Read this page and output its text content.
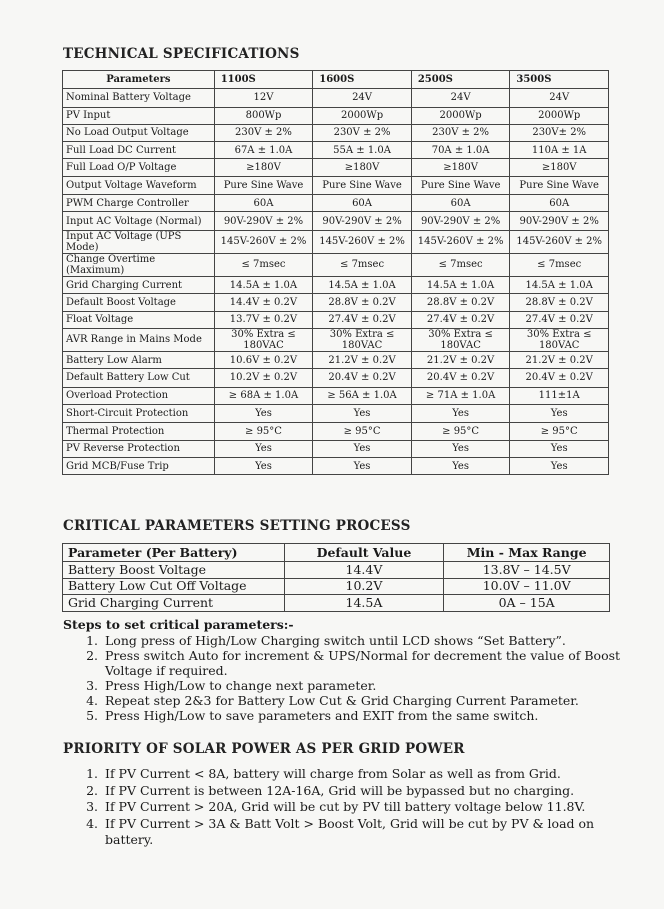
TECHNICAL SPECIFICATIONS
Parameters	1100S	1600S	2500S	3500S
Nominal Battery Voltage	12V	24V	24V	24V
PV Input	800Wp	2000Wp	2000Wp	2000Wp
No Load Output Voltage	230V ± 2%	230V ± 2%	230V ± 2%	230V± 2%
Full Load DC Current	67A ± 1.0A	55A ± 1.0A	70A ± 1.0A	110A ± 1A
Full Load O/P Voltage	≥180V	≥180V	≥180V	≥180V
Output Voltage Waveform	Pure Sine Wave	Pure Sine Wave	Pure Sine Wave	Pure Sine Wave
PWM Charge Controller	60A	60A	60A	60A
Input AC Voltage (Normal)	90V-290V ± 2%	90V-290V ± 2%	90V-290V ± 2%	90V-290V ± 2%
Input AC Voltage (UPS Mode)	145V-260V ± 2%	145V-260V ± 2%	145V-260V ± 2%	145V-260V ± 2%
Change Overtime (Maximum)	≤ 7msec	≤ 7msec	≤ 7msec	≤ 7msec
Grid Charging Current	14.5A ± 1.0A	14.5A ± 1.0A	14.5A ± 1.0A	14.5A ± 1.0A
Default Boost Voltage	14.4V ± 0.2V	28.8V ± 0.2V	28.8V ± 0.2V	28.8V ± 0.2V
Float Voltage	13.7V ± 0.2V	27.4V ± 0.2V	27.4V ± 0.2V	27.4V ± 0.2V
AVR Range in Mains Mode	30% Extra ≤ 180VAC	30% Extra ≤ 180VAC	30% Extra ≤ 180VAC	30% Extra ≤ 180VAC
Battery Low Alarm	10.6V ± 0.2V	21.2V ± 0.2V	21.2V ± 0.2V	21.2V ± 0.2V
Default Battery Low Cut	10.2V ± 0.2V	20.4V ± 0.2V	20.4V ± 0.2V	20.4V ± 0.2V
Overload Protection	≥ 68A ± 1.0A	≥ 56A ± 1.0A	≥ 71A ± 1.0A	111±1A
Short-Circuit Protection	Yes	Yes	Yes	Yes
Thermal Protection	≥ 95°C	≥ 95°C	≥ 95°C	≥ 95°C
PV Reverse Protection	Yes	Yes	Yes	Yes
Grid MCB/Fuse Trip	Yes	Yes	Yes	Yes
CRITICAL PARAMETERS SETTING PROCESS
Parameter (Per Battery)	Default Value	Min - Max Range
Battery Boost Voltage	14.4V	13.8V – 14.5V
Battery Low Cut Off Voltage	10.2V	10.0V – 11.0V
Grid Charging Current	14.5A	0A – 15A

Steps to set critical parameters:-

1. Long press of High/Low Charging switch until LCD shows “Set Battery”.
2. Press switch Auto for increment & UPS/Normal for decrement the value of Boost Voltage if required.
3. Press High/Low to change next parameter.
4. Repeat step 2&3 for Battery Low Cut & Grid Charging Current Parameter.
5. Press High/Low to save parameters and EXIT from the same switch.
PRIORITY OF SOLAR POWER AS PER GRID POWER
1. If PV Current < 8A, battery will charge from Solar as well as from Grid.
2. If PV Current is between 12A-16A, Grid will be bypassed but no charging.
3. If PV Current > 20A, Grid will be cut by PV till battery voltage below 11.8V.
4. If PV Current > 3A & Batt Volt > Boost Volt, Grid will be cut by PV & load on battery.
